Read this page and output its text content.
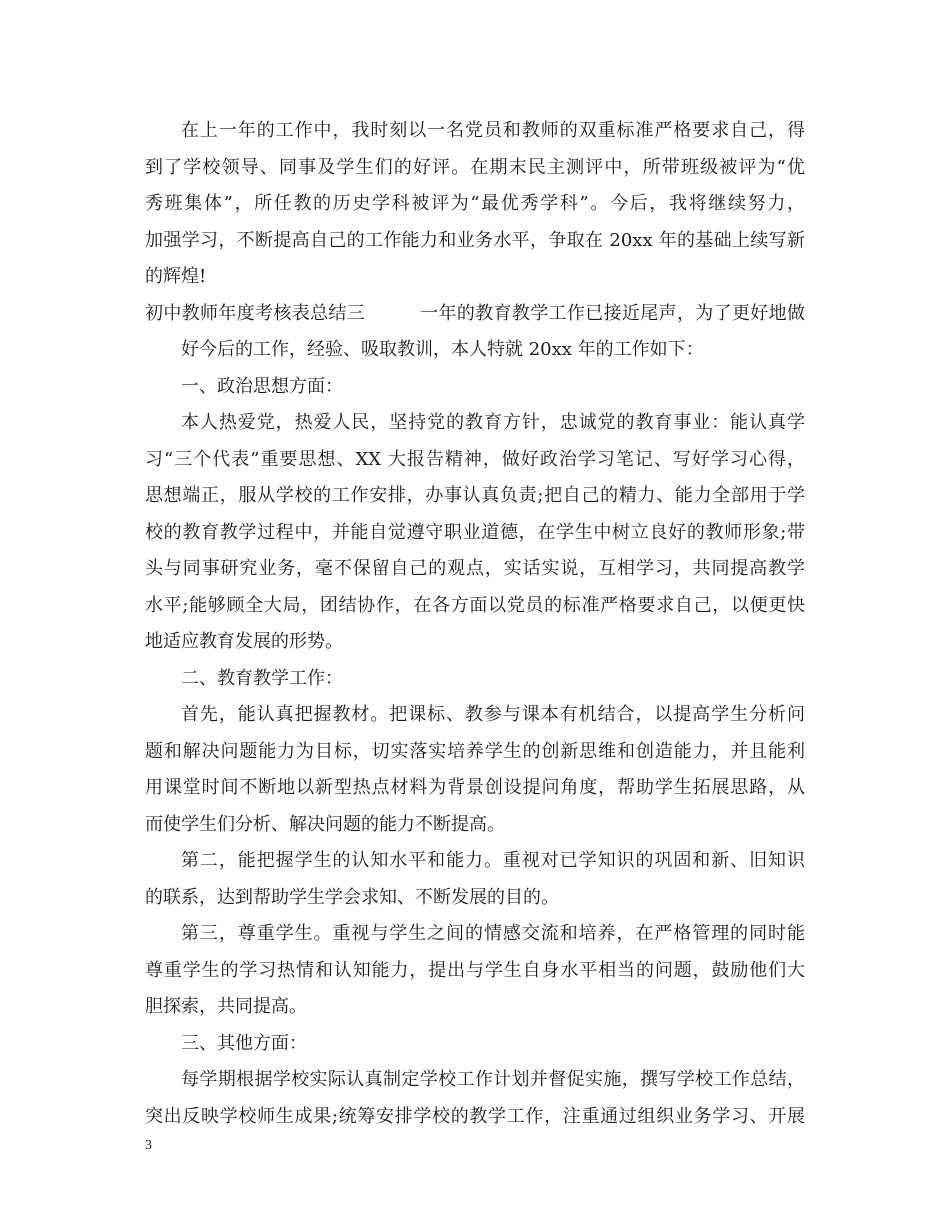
在上一年的工作中，我时刻以一名党员和教师的双重标准严格要求自己，得
到了学校领导、同事及学生们的好评。在期末民主测评中，所带班级被评为“优
秀班集体”，所任教的历史学科被评为“最优秀学科”。今后，我将继续努力，
加强学习，不断提高自己的工作能力和业务水平，争取在 20xx 年的基础上续写新
的辉煌!
初中教师年度考核表总结三　　　一年的教育教学工作已接近尾声，为了更好地做
好今后的工作，经验、吸取教训，本人特就 20xx 年的工作如下：
一、政治思想方面：
本人热爱党，热爱人民，坚持党的教育方针，忠诚党的教育事业：能认真学
习“三个代表”重要思想、XX 大报告精神，做好政治学习笔记、写好学习心得，
思想端正，服从学校的工作安排，办事认真负责;把自己的精力、能力全部用于学
校的教育教学过程中，并能自觉遵守职业道德，在学生中树立良好的教师形象;带
头与同事研究业务，毫不保留自己的观点，实话实说，互相学习，共同提高教学
水平;能够顾全大局，团结协作，在各方面以党员的标准严格要求自己，以便更快
地适应教育发展的形势。
二、教育教学工作：
首先，能认真把握教材。把课标、教参与课本有机结合，以提高学生分析问
题和解决问题能力为目标，切实落实培养学生的创新思维和创造能力，并且能利
用课堂时间不断地以新型热点材料为背景创设提问角度，帮助学生拓展思路，从
而使学生们分析、解决问题的能力不断提高。
第二，能把握学生的认知水平和能力。重视对已学知识的巩固和新、旧知识
的联系，达到帮助学生学会求知、不断发展的目的。
第三，尊重学生。重视与学生之间的情感交流和培养，在严格管理的同时能
尊重学生的学习热情和认知能力，提出与学生自身水平相当的问题，鼓励他们大
胆探索，共同提高。
三、其他方面：
每学期根据学校实际认真制定学校工作计划并督促实施，撰写学校工作总结，
突出反映学校师生成果;统筹安排学校的教学工作，注重通过组织业务学习、开展
3
